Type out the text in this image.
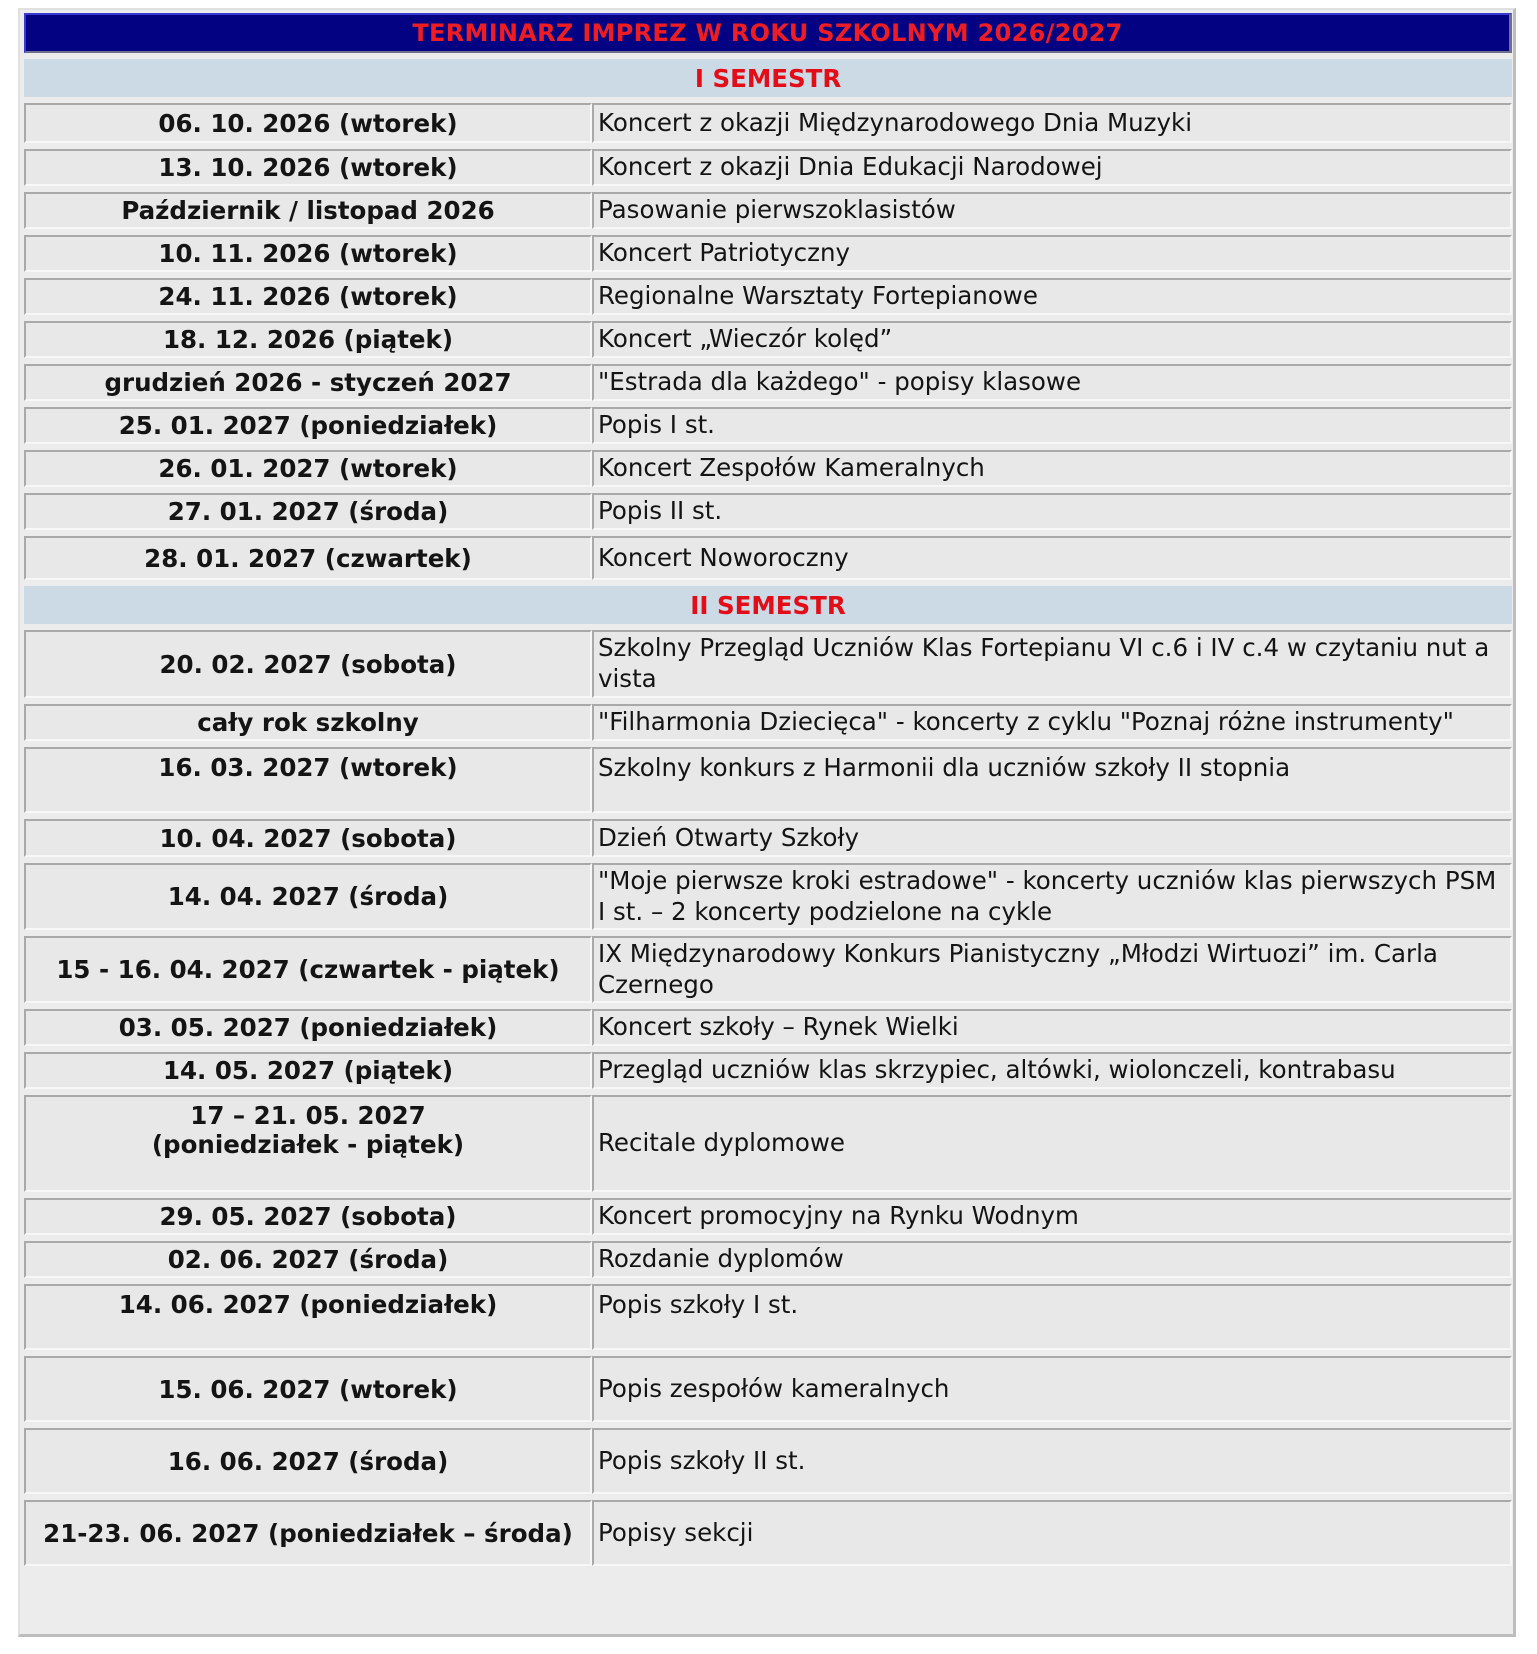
TERMINARZ IMPREZ W ROKU SZKOLNYM 2026/2027	
I SEMESTR	
06. 10. 2026 (wtorek)	Koncert z okazji Międzynarodowego Dnia Muzyki
13. 10. 2026 (wtorek)	Koncert z okazji Dnia Edukacji Narodowej
Październik / listopad 2026	Pasowanie pierwszoklasistów
10. 11. 2026 (wtorek)	Koncert Patriotyczny
24. 11. 2026 (wtorek)	Regionalne Warsztaty Fortepianowe
18. 12. 2026 (piątek)	Koncert „Wieczór kolęd”
grudzień 2026 - styczeń 2027	"Estrada dla każdego" - popisy klasowe
25. 01. 2027 (poniedziałek)	Popis I st.
26. 01. 2027 (wtorek)	Koncert Zespołów Kameralnych
27. 01. 2027 (środa)	Popis II st.
28. 01. 2027 (czwartek)	Koncert Noworoczny
II SEMESTR	
20. 02. 2027 (sobota)	Szkolny Przegląd Uczniów Klas Fortepianu VI c.6 i IV c.4 w czytaniu nut a vista
cały rok szkolny	"Filharmonia Dziecięca" - koncerty z cyklu "Poznaj różne instrumenty"
16. 03. 2027 (wtorek)	Szkolny konkurs z Harmonii dla uczniów szkoły II stopnia
10. 04. 2027 (sobota)	Dzień Otwarty Szkoły
14. 04. 2027 (środa)	"Moje pierwsze kroki estradowe" - koncerty uczniów klas pierwszych PSM I st. – 2 koncerty podzielone na cykle
15 - 16. 04. 2027 (czwartek - piątek)	IX Międzynarodowy Konkurs Pianistyczny „Młodzi Wirtuozi” im. Carla Czernego
03. 05. 2027 (poniedziałek)	Koncert szkoły – Rynek Wielki
14. 05. 2027 (piątek)	Przegląd uczniów klas skrzypiec, altówki, wiolonczeli, kontrabasu

17 – 21. 05. 2027
(poniedziałek - piątek)	Recitale dyplomowe
29. 05. 2027 (sobota)	Koncert promocyjny na Rynku Wodnym
02. 06. 2027 (środa)	Rozdanie dyplomów
14. 06. 2027 (poniedziałek)	Popis szkoły I st.
15. 06. 2027 (wtorek)	Popis zespołów kameralnych
16. 06. 2027 (środa)	Popis szkoły II st.
21-23. 06. 2027 (poniedziałek – środa)	Popisy sekcji
